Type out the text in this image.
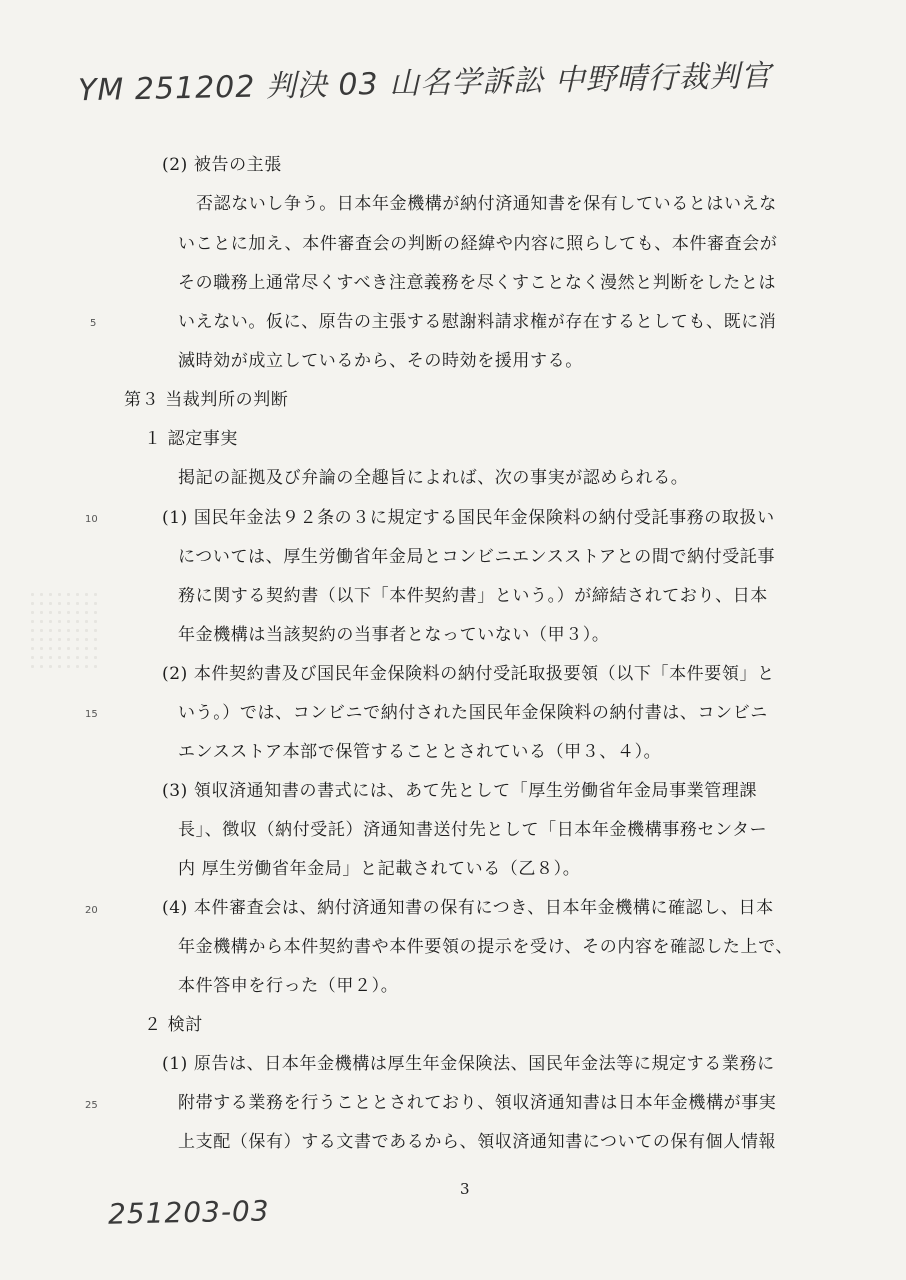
YM 251202 判決 03 山名学訴訟 中野晴行裁判官
5
10
15
20
25
(2) 被告の主張
否認ないし争う。日本年金機構が納付済通知書を保有しているとはいえな
いことに加え、本件審査会の判断の経緯や内容に照らしても、本件審査会が
その職務上通常尽くすべき注意義務を尽くすことなく漫然と判断をしたとは
いえない。仮に、原告の主張する慰謝料請求権が存在するとしても、既に消
滅時効が成立しているから、その時効を援用する。
第３ 当裁判所の判断
１ 認定事実
掲記の証拠及び弁論の全趣旨によれば、次の事実が認められる。
(1) 国民年金法９２条の３に規定する国民年金保険料の納付受託事務の取扱い
については、厚生労働省年金局とコンビニエンスストアとの間で納付受託事
務に関する契約書（以下「本件契約書」という。）が締結されており、日本
年金機構は当該契約の当事者となっていない（甲３）。
(2) 本件契約書及び国民年金保険料の納付受託取扱要領（以下「本件要領」と
いう。）では、コンビニで納付された国民年金保険料の納付書は、コンビニ
エンスストア本部で保管することとされている（甲３、４）。
(3) 領収済通知書の書式には、あて先として「厚生労働省年金局事業管理課
長」、徴収（納付受託）済通知書送付先として「日本年金機構事務センター
内 厚生労働省年金局」と記載されている（乙８）。
(4) 本件審査会は、納付済通知書の保有につき、日本年金機構に確認し、日本
年金機構から本件契約書や本件要領の提示を受け、その内容を確認した上で、
本件答申を行った（甲２）。
２ 検討
(1) 原告は、日本年金機構は厚生年金保険法、国民年金法等に規定する業務に
附帯する業務を行うこととされており、領収済通知書は日本年金機構が事実
上支配（保有）する文書であるから、領収済通知書についての保有個人情報
3
251203-03
